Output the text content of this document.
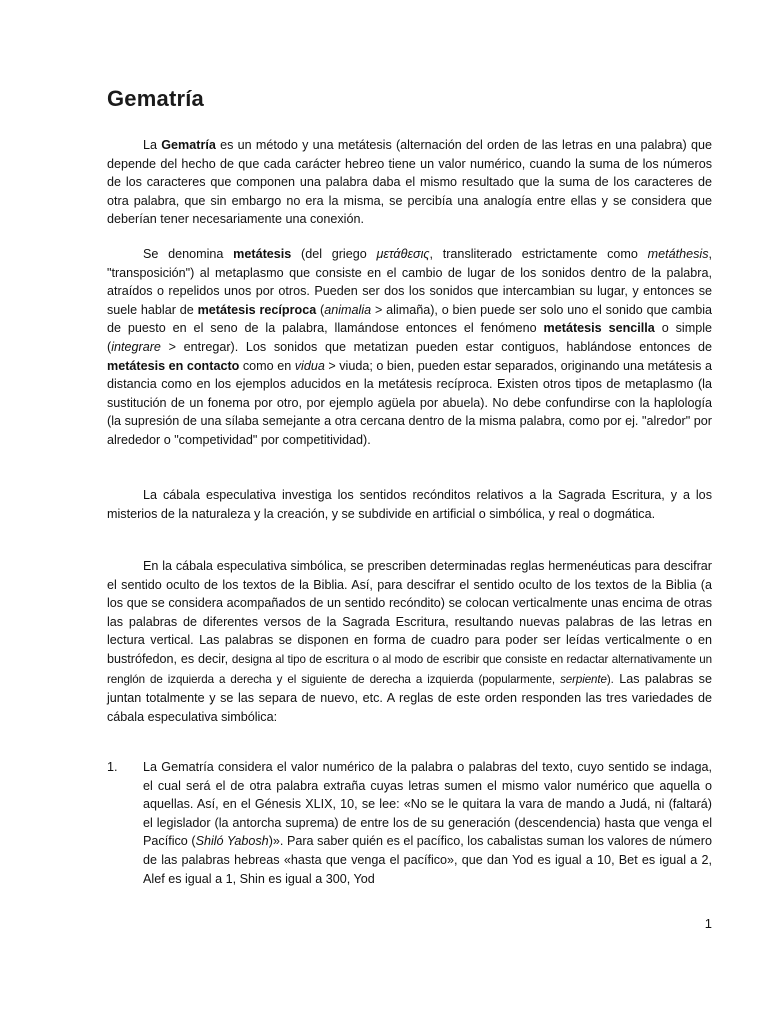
Gematría

La Gematría es un método y una metátesis (alternación del orden de las letras en una palabra) que depende del hecho de que cada carácter hebreo tiene un valor numérico, cuando la suma de los números de los caracteres que componen una palabra daba el mismo resultado que la suma de los caracteres de otra palabra, que sin embargo no era la misma, se percibía una analogía entre ellas y se considera que deberían tener necesariamente una conexión.

Se denomina metátesis (del griego μετάθεσις, transliterado estrictamente como metáthesis, "transposición") al metaplasmo que consiste en el cambio de lugar de los sonidos dentro de la palabra, atraídos o repelidos unos por otros. Pueden ser dos los sonidos que intercambian su lugar, y entonces se suele hablar de metátesis recíproca (animalia > alimaña), o bien puede ser solo uno el sonido que cambia de puesto en el seno de la palabra, llamándose entonces el fenómeno metátesis sencilla o simple (integrare > entregar). Los sonidos que metatizan pueden estar contiguos, hablándose entonces de metátesis en contacto como en vidua > viuda; o bien, pueden estar separados, originando una metátesis a distancia como en los ejemplos aducidos en la metátesis recíproca. Existen otros tipos de metaplasmo (la sustitución de un fonema por otro, por ejemplo agüela por abuela). No debe confundirse con la haplología (la supresión de una sílaba semejante a otra cercana dentro de la misma palabra, como por ej. "alredor" por alrededor o "competividad" por competitividad).

La cábala especulativa investiga los sentidos recónditos relativos a la Sagrada Escritura, y a los misterios de la naturaleza y la creación, y se subdivide en artificial o simbólica, y real o dogmática.

En la cábala especulativa simbólica, se prescriben determinadas reglas hermenéuticas para descifrar el sentido oculto de los textos de la Biblia. Así, para descifrar el sentido oculto de los textos de la Biblia (a los que se considera acompañados de un sentido recóndito) se colocan verticalmente unas encima de otras las palabras de diferentes versos de la Sagrada Escritura, resultando nuevas palabras de las letras en lectura vertical. Las palabras se disponen en forma de cuadro para poder ser leídas verticalmente o en bustrófedon, es decir, designa al tipo de escritura o al modo de escribir que consiste en redactar alternativamente un renglón de izquierda a derecha y el siguiente de derecha a izquierda (popularmente, serpiente). Las palabras se juntan totalmente y se las separa de nuevo, etc. A reglas de este orden responden las tres variedades de cábala especulativa simbólica:

1. La Gematría considera el valor numérico de la palabra o palabras del texto, cuyo sentido se indaga, el cual será el de otra palabra extraña cuyas letras sumen el mismo valor numérico que aquella o aquellas. Así, en el Génesis XLIX, 10, se lee: «No se le quitara la vara de mando a Judá, ni (faltará) el legislador (la antorcha suprema) de entre los de su generación (descendencia) hasta que venga el Pacífico (Shiló Yabosh)». Para saber quién es el pacífico, los cabalistas suman los valores de número de las palabras hebreas «hasta que venga el pacífico», que dan Yod es igual a 10, Bet es igual a 2, Alef es igual a 1, Shin es igual a 300, Yod

1
